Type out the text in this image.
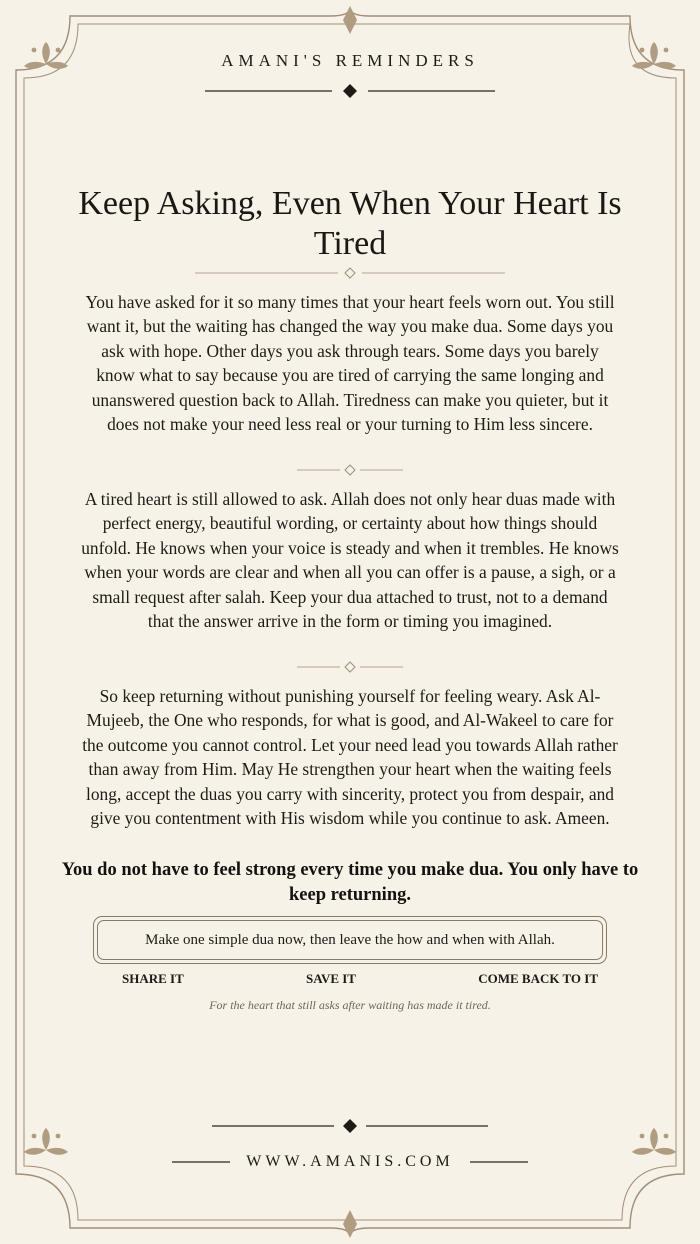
AMANI'S REMINDERS
Keep Asking, Even When Your Heart Is Tired

You have asked for it so many times that your heart feels worn out. You still want it, but the waiting has changed the way you make dua. Some days you ask with hope. Other days you ask through tears. Some days you barely know what to say because you are tired of carrying the same longing and unanswered question back to Allah. Tiredness can make you quieter, but it does not make your need less real or your turning to Him less sincere.

A tired heart is still allowed to ask. Allah does not only hear duas made with perfect energy, beautiful wording, or certainty about how things should unfold. He knows when your voice is steady and when it trembles. He knows when your words are clear and when all you can offer is a pause, a sigh, or a small request after salah. Keep your dua attached to trust, not to a demand that the answer arrive in the form or timing you imagined.

So keep returning without punishing yourself for feeling weary. Ask Al-Mujeeb, the One who responds, for what is good, and Al-Wakeel to care for the outcome you cannot control. Let your need lead you towards Allah rather than away from Him. May He strengthen your heart when the waiting feels long, accept the duas you carry with sincerity, protect you from despair, and give you contentment with His wisdom while you continue to ask. Ameen.

You do not have to feel strong every time you make dua. You only have to keep returning.

Make one simple dua now, then leave the how and when with Allah.
SHARE IT	SAVE IT	COME BACK TO IT
For the heart that still asks after waiting has made it tired.
WWW.AMANIS.COM
